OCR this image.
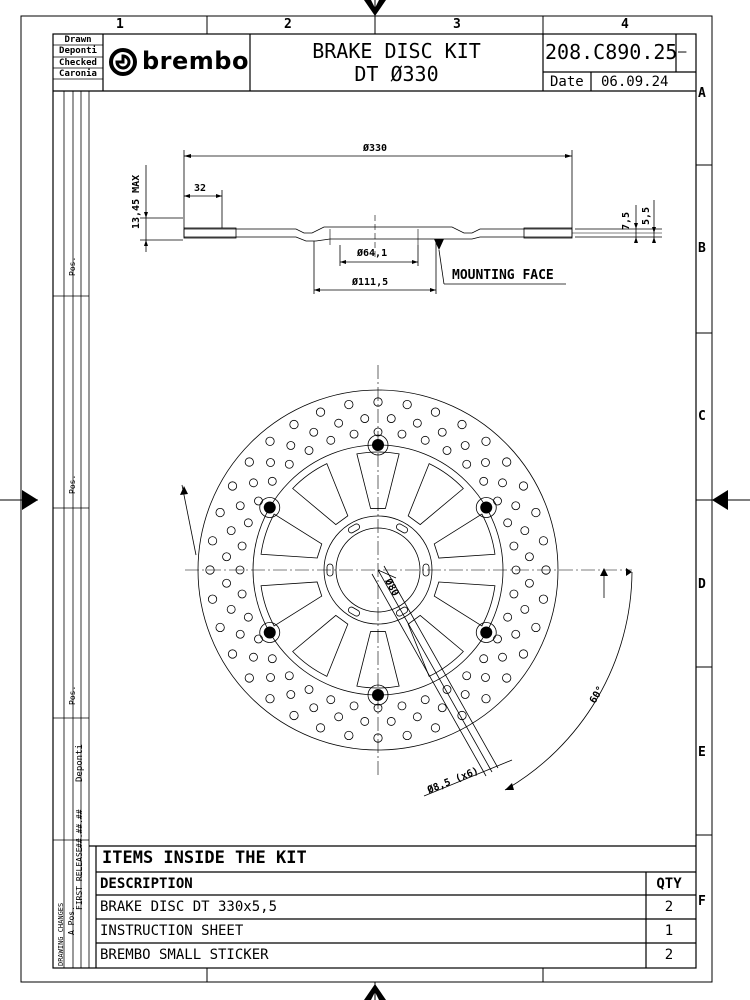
Drawn
Deponti
Checked
Caronia brembo	BRAKE DISC KIT
DT Ø330
208.C890.25 –
Date 06.09.24
1	2	3	4
A
B
C
D
E
F
Pos.
Pos.
Pos.
Deponti
##.##.##
FIRST RELEASE
DRAWING CHANGES A Pos.
Ø330
32
13,45 MAX	7,5 5,5
Ø64,1
Ø111,5	MOUNTING FACE
Ø80
Ø8,5 (x6)
60°
ITEMS INSIDE THE KIT
DESCRIPTION	QTY
BRAKE DISC DT 330x5,5	2
INSTRUCTION SHEET	1
BREMBO SMALL STICKER	2
